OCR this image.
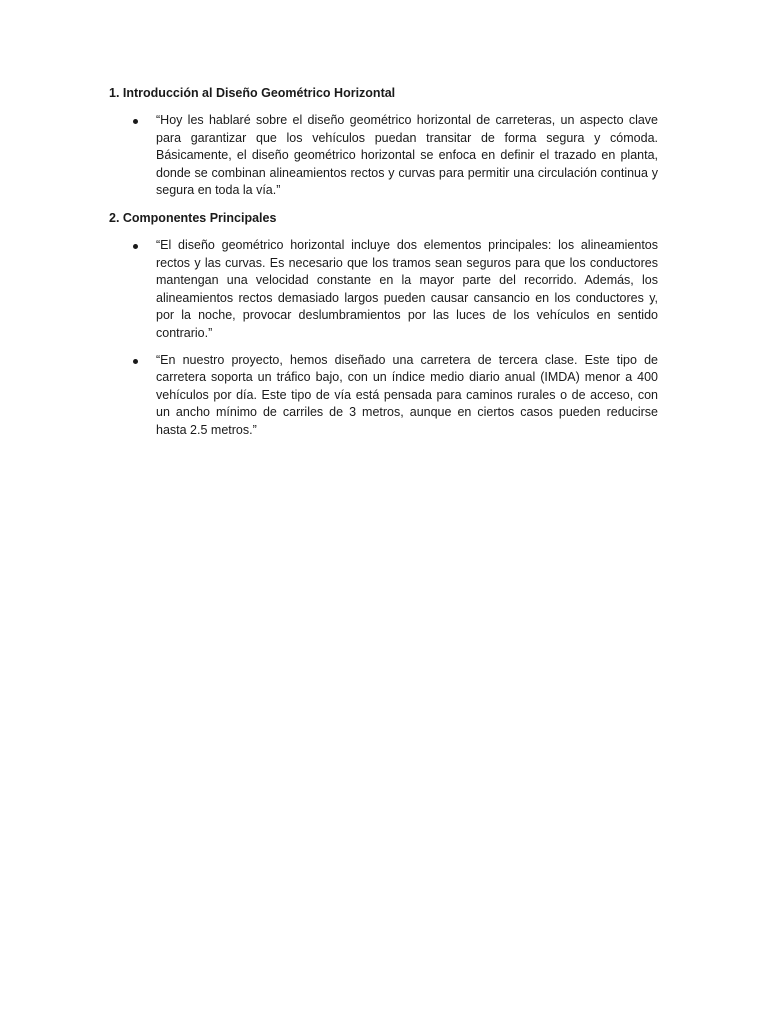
1. Introducción al Diseño Geométrico Horizontal

“Hoy les hablaré sobre el diseño geométrico horizontal de carreteras, un aspecto clave para garantizar que los vehículos puedan transitar de forma segura y cómoda. Básicamente, el diseño geométrico horizontal se enfoca en definir el trazado en planta, donde se combinan alineamientos rectos y curvas para permitir una circulación continua y segura en toda la vía.”

2. Componentes Principales

“El diseño geométrico horizontal incluye dos elementos principales: los alineamientos rectos y las curvas. Es necesario que los tramos sean seguros para que los conductores mantengan una velocidad constante en la mayor parte del recorrido. Además, los alineamientos rectos demasiado largos pueden causar cansancio en los conductores y, por la noche, provocar deslumbramientos por las luces de los vehículos en sentido contrario.”

“En nuestro proyecto, hemos diseñado una carretera de tercera clase. Este tipo de carretera soporta un tráfico bajo, con un índice medio diario anual (IMDA) menor a 400 vehículos por día. Este tipo de vía está pensada para caminos rurales o de acceso, con un ancho mínimo de carriles de 3 metros, aunque en ciertos casos pueden reducirse hasta 2.5 metros.”
